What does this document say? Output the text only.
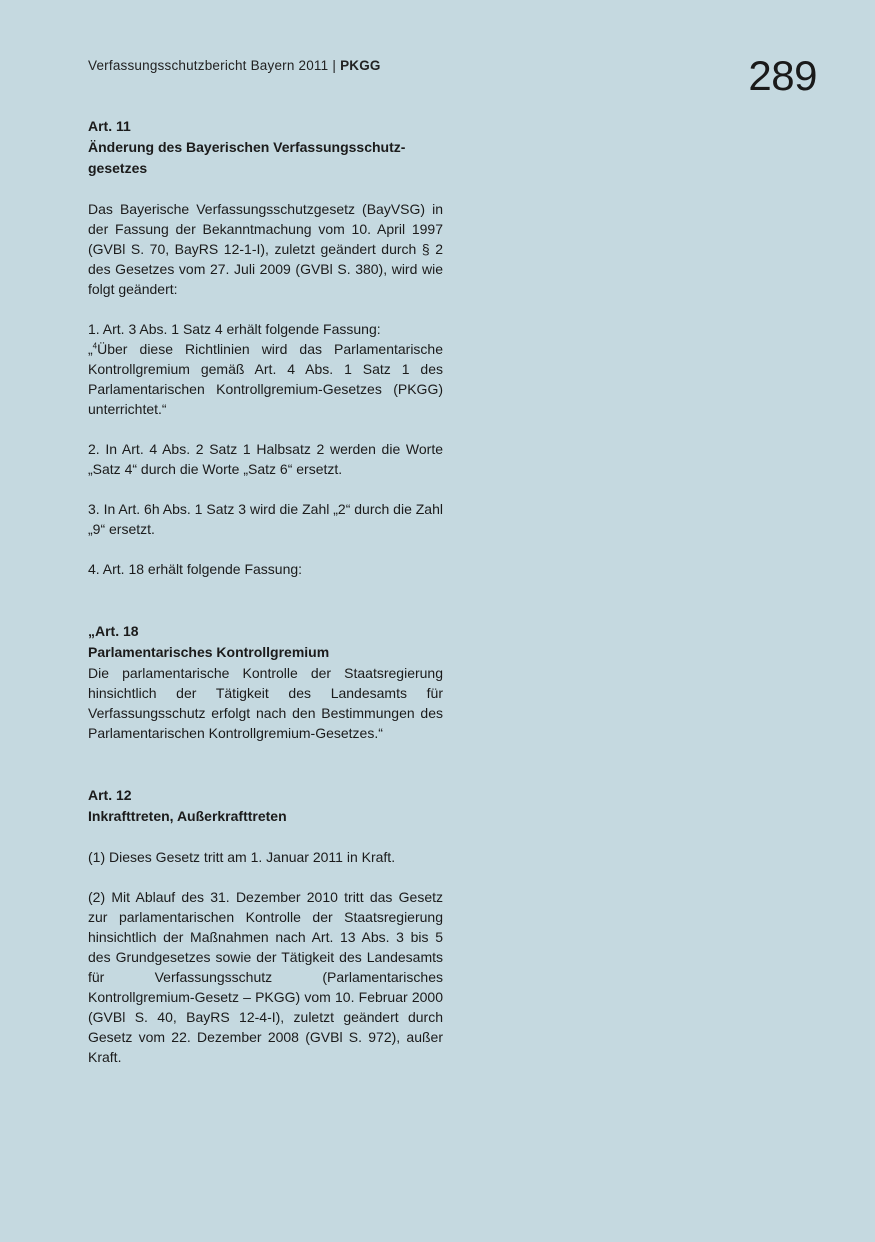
Verfassungsschutzbericht Bayern 2011 | PKGG	289
Art. 11
Änderung des Bayerischen Verfassungsschutz-gesetzes

Das Bayerische Verfassungsschutzgesetz (BayVSG) in der Fassung der Bekanntmachung vom 10. April 1997 (GVBl S. 70, BayRS 12-1-I), zuletzt geändert durch § 2 des Gesetzes vom 27. Juli 2009 (GVBl S. 380), wird wie folgt geändert:

1. Art. 3 Abs. 1 Satz 4 erhält folgende Fassung:
„$^4$Über diese Richtlinien wird das Parlamentarische Kontrollgremium gemäß Art. 4 Abs. 1 Satz 1 des Parlamentarischen Kontrollgremium-Gesetzes (PKGG) unterrichtet.“

2. In Art. 4 Abs. 2 Satz 1 Halbsatz 2 werden die Worte „Satz 4“ durch die Worte „Satz 6“ ersetzt.

3. In Art. 6h Abs. 1 Satz 3 wird die Zahl „2“ durch die Zahl „9“ ersetzt.

4. Art. 18 erhält folgende Fassung:

„Art. 18
Parlamentarisches Kontrollgremium

Die parlamentarische Kontrolle der Staatsregierung hinsichtlich der Tätigkeit des Landesamts für Verfassungsschutz erfolgt nach den Bestimmungen des Parlamentarischen Kontrollgremium-Gesetzes.“

Art. 12
Inkrafttreten, Außerkrafttreten

(1) Dieses Gesetz tritt am 1. Januar 2011 in Kraft.

(2) Mit Ablauf des 31. Dezember 2010 tritt das Gesetz zur parlamentarischen Kontrolle der Staatsregierung hinsichtlich der Maßnahmen nach Art. 13 Abs. 3 bis 5 des Grundgesetzes sowie der Tätigkeit des Landesamts für Verfassungsschutz (Parlamentarisches Kontrollgremium-Gesetz – PKGG) vom 10. Februar 2000 (GVBl S. 40, BayRS 12-4-I), zuletzt geändert durch Gesetz vom 22. Dezember 2008 (GVBl S. 972), außer Kraft.
